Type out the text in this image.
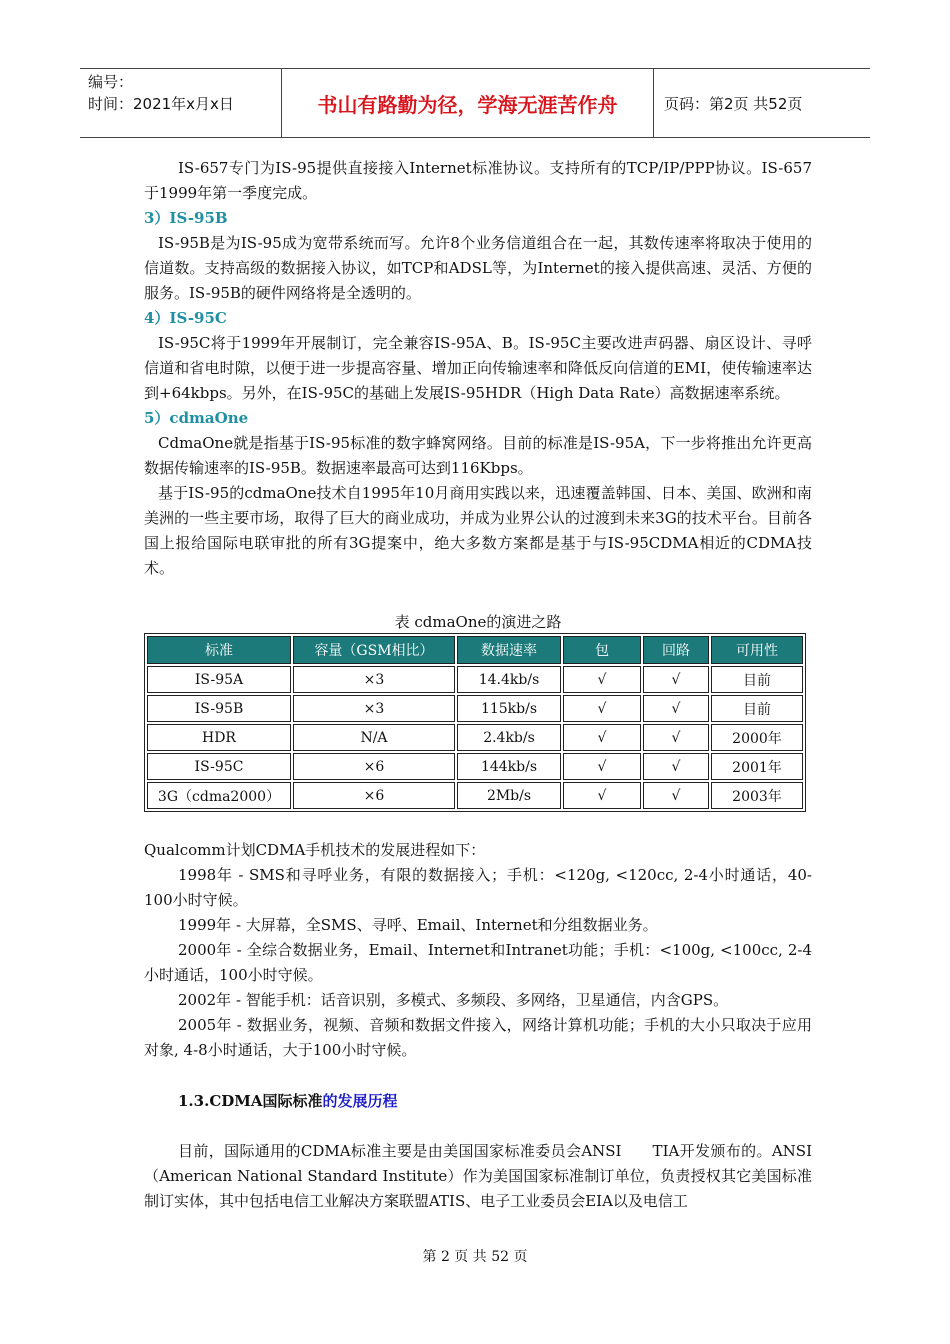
编号：
时间：2021年x月x日	书山有路勤为径，学海无涯苦作舟	页码：第2页 共52页

IS-657专门为IS-95提供直接接入Internet标准协议。支持所有的TCP/IP/PPP协议。IS-657于1999年第一季度完成。

3）IS-95B

IS-95B是为IS-95成为宽带系统而写。允许8个业务信道组合在一起，其数传速率将取决于使用的信道数。支持高级的数据接入协议，如TCP和ADSL等，为Internet的接入提供高速、灵活、方便的服务。IS-95B的硬件网络将是全透明的。

4）IS-95C

IS-95C将于1999年开展制订，完全兼容IS-95A、B。IS-95C主要改进声码器、扇区设计、寻呼信道和省电时隙，以便于进一步提高容量、增加正向传输速率和降低反向信道的EMI，使传输速率达到+64kbps。另外，在IS-95C的基础上发展IS-95HDR（High Data Rate）高数据速率系统。

5）cdmaOne

CdmaOne就是指基于IS-95标准的数字蜂窝网络。目前的标准是IS-95A，下一步将推出允许更高数据传输速率的IS-95B。数据速率最高可达到116Kbps。

基于IS-95的cdmaOne技术自1995年10月商用实践以来，迅速覆盖韩国、日本、美国、欧洲和南美洲的一些主要市场，取得了巨大的商业成功，并成为业界公认的过渡到未来3G的技术平台。目前各国上报给国际电联审批的所有3G提案中，绝大多数方案都是基于与IS-95CDMA相近的CDMA技术。

表 cdmaOne的演进之路
标准	容量（GSM相比）	数据速率	包	回路	可用性
IS-95A	×3	14.4kb/s	√	√	目前
IS-95B	×3	115kb/s	√	√	目前
HDR	N/A	2.4kb/s	√	√	2000年
IS-95C	×6	144kb/s	√	√	2001年
3G（cdma2000）	×6	2Mb/s	√	√	2003年

Qualcomm计划CDMA手机技术的发展进程如下：

1998年 - SMS和寻呼业务，有限的数据接入；手机：<120g, <120cc, 2-4小时通话，40-100小时守候。

1999年 - 大屏幕，全SMS、寻呼、Email、Internet和分组数据业务。

2000年 - 全综合数据业务，Email、Internet和Intranet功能；手机：<100g, <100cc, 2-4小时通话，100小时守候。

2002年 - 智能手机：话音识别，多模式、多频段、多网络，卫星通信，内含GPS。

2005年 - 数据业务，视频、音频和数据文件接入，网络计算机功能；手机的大小只取决于应用对象, 4-8小时通话，大于100小时守候。

1.3.CDMA国际标准的发展历程

目前，国际通用的CDMA标准主要是由美国国家标准委员会ANSI　　TIA开发颁布的。ANSI（American National Standard Institute）作为美国国家标准制订单位，负责授权其它美国标准制订实体，其中包括电信工业解决方案联盟ATIS、电子工业委员会EIA以及电信工

第 2 页 共 52 页
